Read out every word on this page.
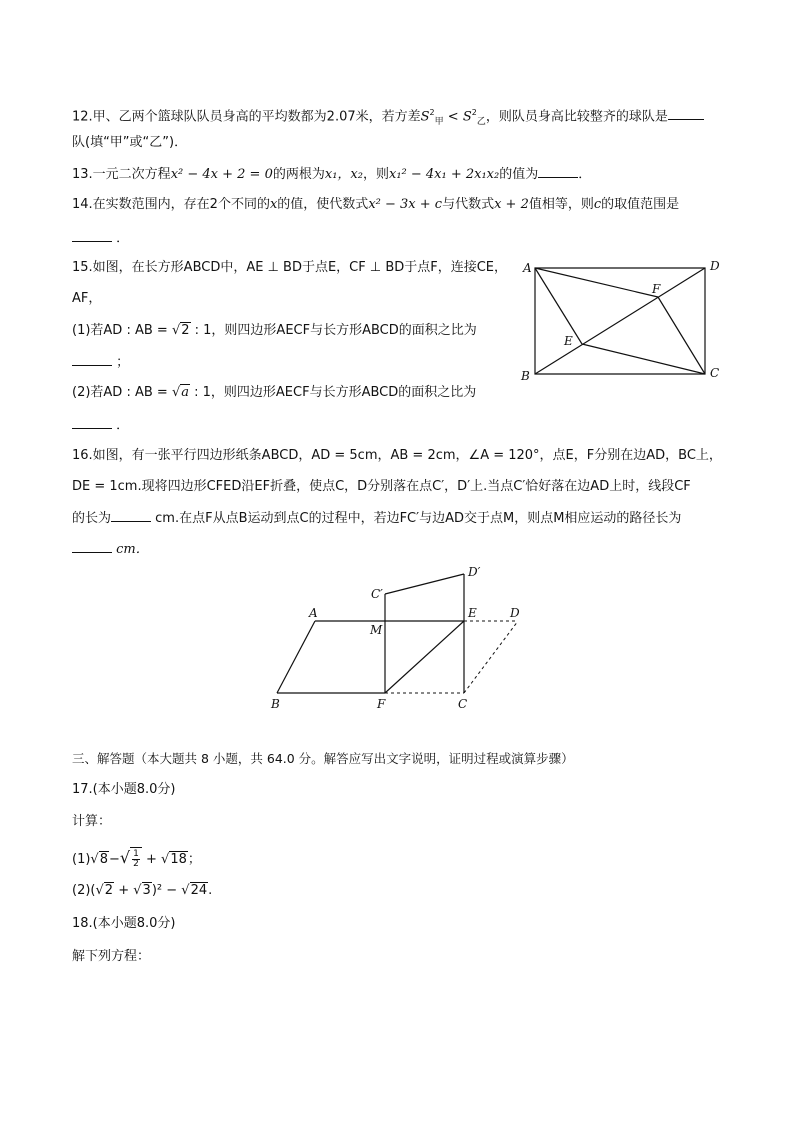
12.甲、乙两个篮球队队员身高的平均数都为2.07米，若方差$S^2_甲 < S^2_乙$，则队员身高比较整齐的球队是
队(填“甲”或“乙”)．
13.一元二次方程x² − 4x + 2 = 0的两根为x₁，x₂，则x₁² − 4x₁ + 2x₁x₂的值为	．
14.在实数范围内，存在2个不同的x的值，使代数式x² − 3x + c与代数式x + 2值相等，则c的取值范围是
．
15.如图，在长方形ABCD中，AE ⊥ BD于点E，CF ⊥ BD于点F，连接CE，
AF，
(1)若AD : AB = √2 : 1，则四边形AECF与长方形ABCD的面积之比为
；
(2)若AD : AB = √a : 1，则四边形AECF与长方形ABCD的面积之比为
．
A	D
F
E
B	C
16.如图，有一张平行四边形纸条ABCD，AD = 5cm，AB = 2cm，∠A = 120°，点E，F分别在边AD，BC上，
DE = 1cm.现将四边形CFED沿EF折叠，使点C，D分别落在点C′，D′上.当点C′恰好落在边AD上时，线段CF
的长为	cm.在点F从点B运动到点C的过程中，若边FC′与边AD交于点M，则点M相应运动的路径长为
cm．
C′
D′
A
M
E	D
B	F	C
三、解答题（本大题共 8 小题，共 64.0 分。解答应写出文字说明，证明过程或演算步骤）
17.(本小题8.0分)
计算：
$(1)√8-√ \frac{1}{2} + √18$；
(2)(√2 + √3)² − √24.
18.(本小题8.0分)
解下列方程：
